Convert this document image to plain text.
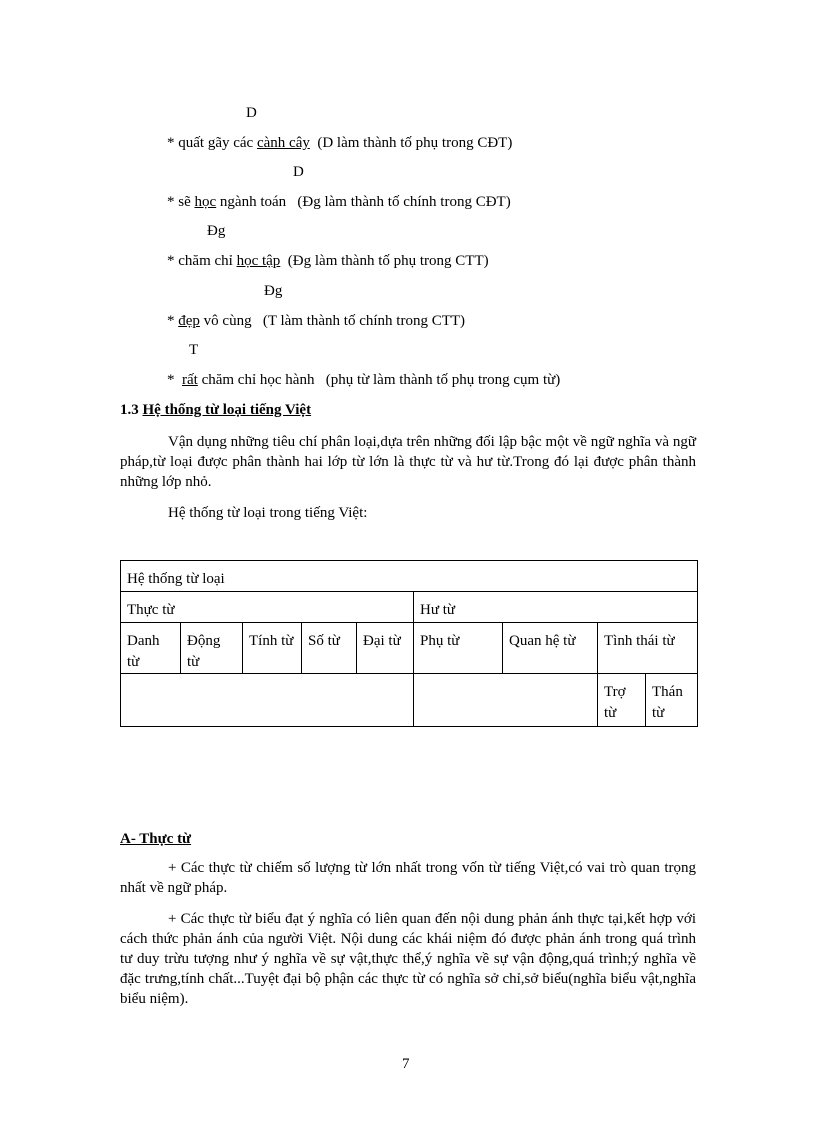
D
* quất gãy các cành cây (D làm thành tố phụ trong CĐT)
D
* sẽ học ngành toán (Đg làm thành tố chính trong CĐT)
Đg
* chăm chỉ học tập (Đg làm thành tố phụ trong CTT)
Đg
* đẹp vô cùng (T làm thành tố chính trong CTT)
T
* rất chăm chỉ học hành (phụ từ làm thành tố phụ trong cụm từ)
1.3 Hệ thống từ loại tiếng Việt
Vận dụng những tiêu chí phân loại,dựa trên những đối lập bậc một về ngữ nghĩa và ngữ pháp,từ loại được phân thành hai lớp từ lớn là thực từ và hư từ.Trong đó lại được phân thành những lớp nhỏ.
Hệ thống từ loại trong tiếng Việt:
Hệ thống từ loại								
Thực từ					Hư từ			
Danh từ	Động từ	Tính từ	Số từ	Đại từ	Phụ từ	Quan hệ từ	Tình thái từ	
							Trợ từ	Thán từ
A- Thực từ
+ Các thực từ chiếm số lượng từ lớn nhất trong vốn từ tiếng Việt,có vai trò quan trọng nhất về ngữ pháp.
+ Các thực từ biểu đạt ý nghĩa có liên quan đến nội dung phản ánh thực tại,kết hợp với cách thức phản ánh của người Việt. Nội dung các khái niệm đó được phản ánh trong quá trình tư duy trừu tượng như ý nghĩa về sự vật,thực thể,ý nghĩa về sự vận động,quá trình;ý nghĩa về đặc trưng,tính chất...Tuyệt đại bộ phận các thực từ có nghĩa sở chỉ,sở biểu(nghĩa biểu vật,nghĩa biểu niệm).
7
